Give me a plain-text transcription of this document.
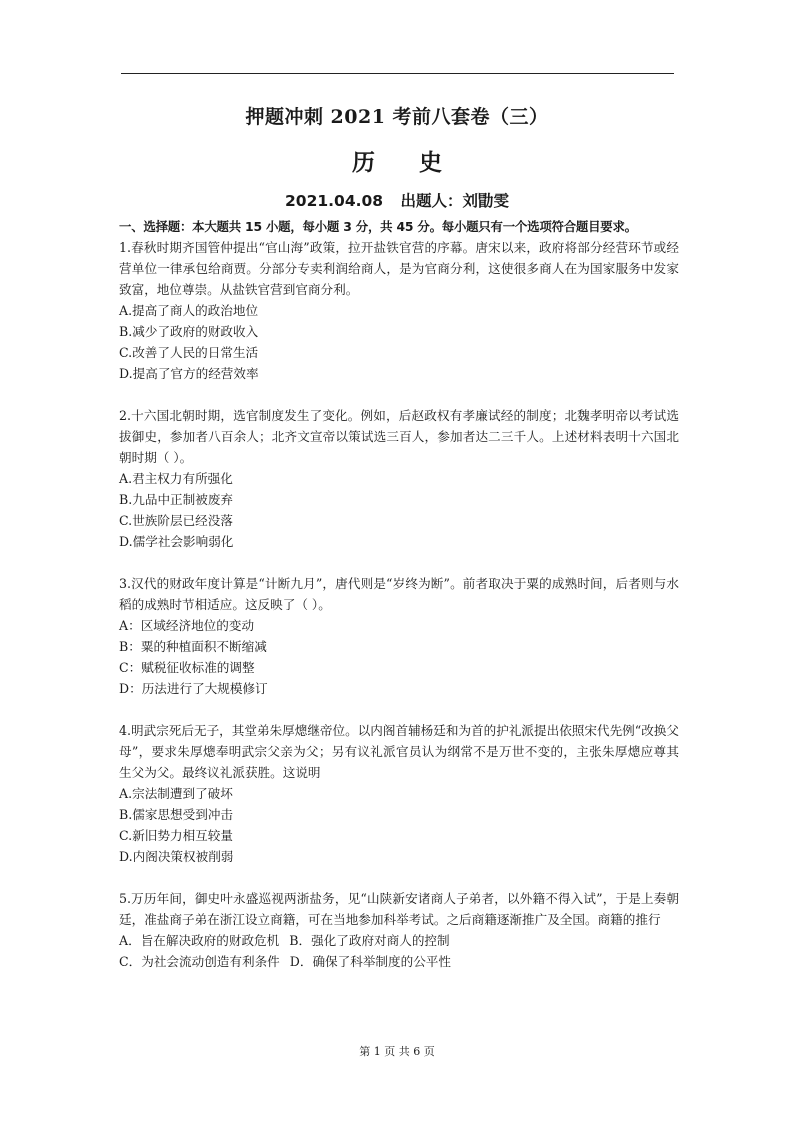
押题冲刺 2021 考前八套卷（三）
历 史
2021.04.08 出题人：刘勖雯
一、选择题：本大题共 15 小题，每小题 3 分，共 45 分。每小题只有一个选项符合题目要求。

1.春秋时期齐国管仲提出“官山海”政策，拉开盐铁官营的序幕。唐宋以来，政府将部分经营环节或经营单位一律承包给商贾。分部分专卖利润给商人，是为官商分利，这使很多商人在为国家服务中发家致富，地位尊崇。从盐铁官营到官商分利。

A.提高了商人的政治地位

B.减少了政府的财政收入

C.改善了人民的日常生活

D.提高了官方的经营效率

2.十六国北朝时期，选官制度发生了变化。例如，后赵政权有孝廉试经的制度；北魏孝明帝以考试选拔御史，参加者八百余人；北齐文宣帝以策试选三百人，参加者达二三千人。上述材料表明十六国北朝时期（ ）。

A.君主权力有所强化

B.九品中正制被废弃

C.世族阶层已经没落

D.儒学社会影响弱化

3.汉代的财政年度计算是“计断九月”，唐代则是“岁终为断”。前者取决于粟的成熟时间，后者则与水稻的成熟时节相适应。这反映了（ ）。

A：区域经济地位的变动

B：粟的种植面积不断缩减

C：赋税征收标准的调整

D：历法进行了大规模修订

4.明武宗死后无子，其堂弟朱厚熜继帝位。以内阁首辅杨廷和为首的护礼派提出依照宋代先例“改换父母”，要求朱厚熜奉明武宗父亲为父；另有议礼派官员认为纲常不是万世不变的，主张朱厚熜应尊其生父为父。最终议礼派获胜。这说明

A.宗法制遭到了破坏

B.儒家思想受到冲击

C.新旧势力相互较量

D.内阁决策权被削弱

5.万历年间，御史叶永盛巡视两浙盐务，见“山陕新安诸商人子弟者，以外籍不得入试”，于是上奏朝廷，准盐商子弟在浙江设立商籍，可在当地参加科举考试。之后商籍逐渐推广及全国。商籍的推行

A．旨在解决政府的财政危机 B．强化了政府对商人的控制

C．为社会流动创造有利条件 D．确保了科举制度的公平性

第 1 页 共 6 页
